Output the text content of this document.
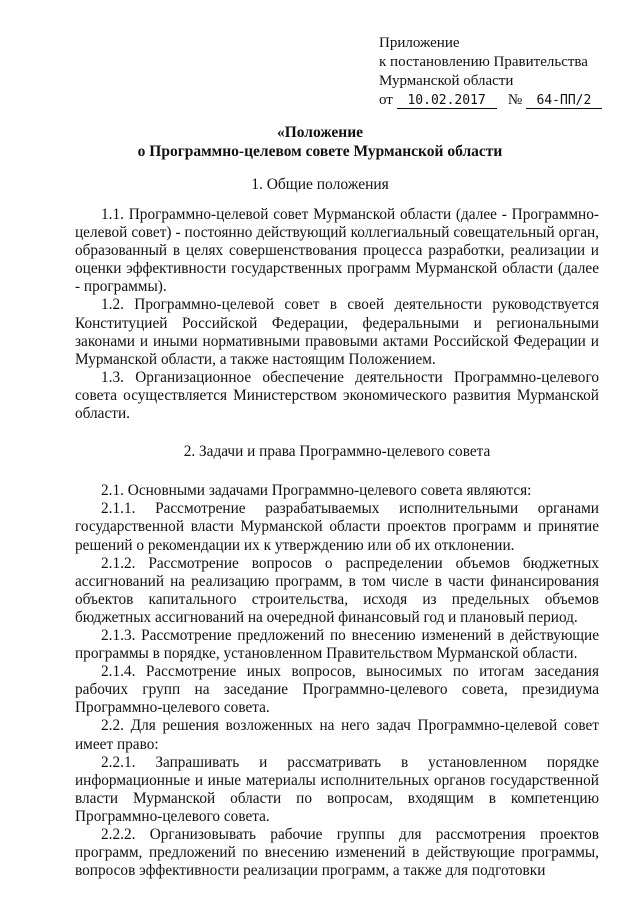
Приложение
к постановлению Правительства
Мурманской области
от 10.02.2017 № 64-ПП/2
«Положение
о Программно-целевом совете Мурманской области
1. Общие положения

1.1. Программно-целевой совет Мурманской области (далее - Программно-целевой совет) - постоянно действующий коллегиальный совещательный орган, образованный в целях совершенствования процесса разработки, реализации и оценки эффективности государственных программ Мурманской области (далее - программы).

1.2. Программно-целевой совет в своей деятельности руководствуется Конституцией Российской Федерации, федеральными и региональными законами и иными нормативными правовыми актами Российской Федерации и Мурманской области, а также настоящим Положением.

1.3. Организационное обеспечение деятельности Программно-целевого совета осуществляется Министерством экономического развития Мурманской области.

2. Задачи и права Программно-целевого совета

2.1. Основными задачами Программно-целевого совета являются:

2.1.1. Рассмотрение разрабатываемых исполнительными органами государственной власти Мурманской области проектов программ и принятие решений о рекомендации их к утверждению или об их отклонении.

2.1.2. Рассмотрение вопросов о распределении объемов бюджетных ассигнований на реализацию программ, в том числе в части финансирования объектов капитального строительства, исходя из предельных объемов бюджетных ассигнований на очередной финансовый год и плановый период.

2.1.3. Рассмотрение предложений по внесению изменений в действующие программы в порядке, установленном Правительством Мурманской области.

2.1.4. Рассмотрение иных вопросов, выносимых по итогам заседания рабочих групп на заседание Программно-целевого совета, президиума Программно-целевого совета.

2.2. Для решения возложенных на него задач Программно-целевой совет имеет право:

2.2.1. Запрашивать и рассматривать в установленном порядке информационные и иные материалы исполнительных органов государственной власти Мурманской области по вопросам, входящим в компетенцию Программно-целевого совета.

2.2.2. Организовывать рабочие группы для рассмотрения проектов программ, предложений по внесению изменений в действующие программы, вопросов эффективности реализации программ, а также для подготовки
